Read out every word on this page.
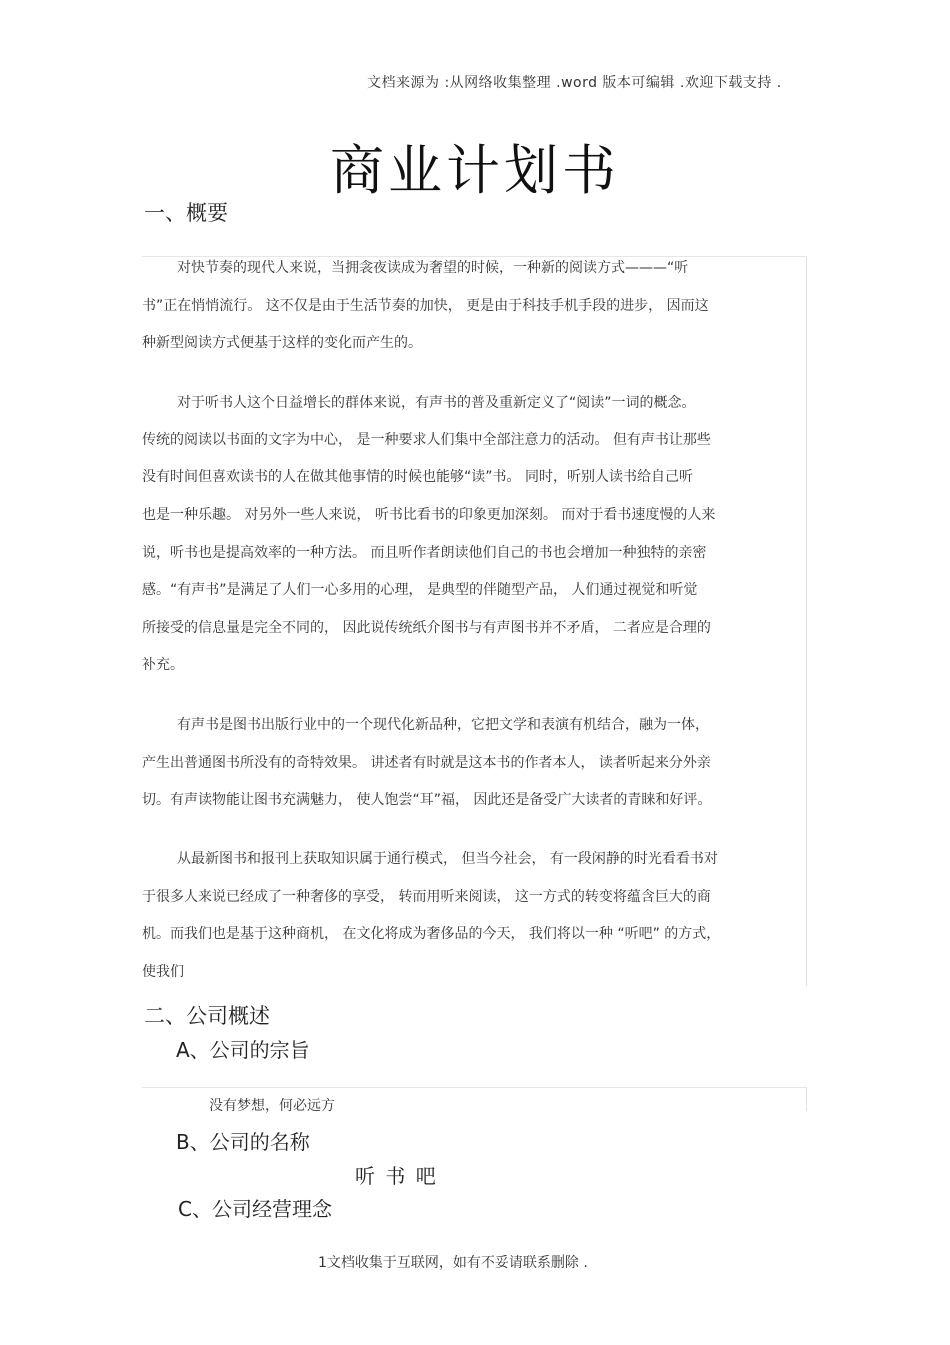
文档来源为 :从网络收集整理 .word 版本可编辑 .欢迎下载支持 .
商业计划书
一、概要
对快节奏的现代人来说，当拥衾夜读成为奢望的时候，一种新的阅读方式———“听
书”正在悄悄流行。 这不仅是由于生活节奏的加快， 更是由于科技手机手段的进步， 因而这
种新型阅读方式便基于这样的变化而产生的。
对于听书人这个日益增长的群体来说，有声书的普及重新定义了“阅读”一词的概念。
传统的阅读以书面的文字为中心， 是一种要求人们集中全部注意力的活动。 但有声书让那些
没有时间但喜欢读书的人在做其他事情的时候也能够“读”书。 同时，听别人读书给自己听
也是一种乐趣。 对另外一些人来说， 听书比看书的印象更加深刻。 而对于看书速度慢的人来
说，听书也是提高效率的一种方法。 而且听作者朗读他们自己的书也会增加一种独特的亲密
感。“有声书”是满足了人们一心多用的心理， 是典型的伴随型产品， 人们通过视觉和听觉
所接受的信息量是完全不同的， 因此说传统纸介图书与有声图书并不矛盾， 二者应是合理的
补充。
有声书是图书出版行业中的一个现代化新品种，它把文学和表演有机结合，融为一体，
产生出普通图书所没有的奇特效果。 讲述者有时就是这本书的作者本人， 读者听起来分外亲
切。有声读物能让图书充满魅力， 使人饱尝“耳”福， 因此还是备受广大读者的青睐和好评。
从最新图书和报刊上获取知识属于通行模式， 但当今社会， 有一段闲静的时光看看书对
于很多人来说已经成了一种奢侈的享受， 转而用听来阅读， 这一方式的转变将蕴含巨大的商
机。而我们也是基于这种商机， 在文化将成为奢侈品的今天， 我们将以一种 “听吧” 的方式，
使我们
二、公司概述
A、公司的宗旨
没有梦想，何必远方
B、公司的名称
听 书 吧
C、公司经营理念
1文档收集于互联网，如有不妥请联系删除 .
